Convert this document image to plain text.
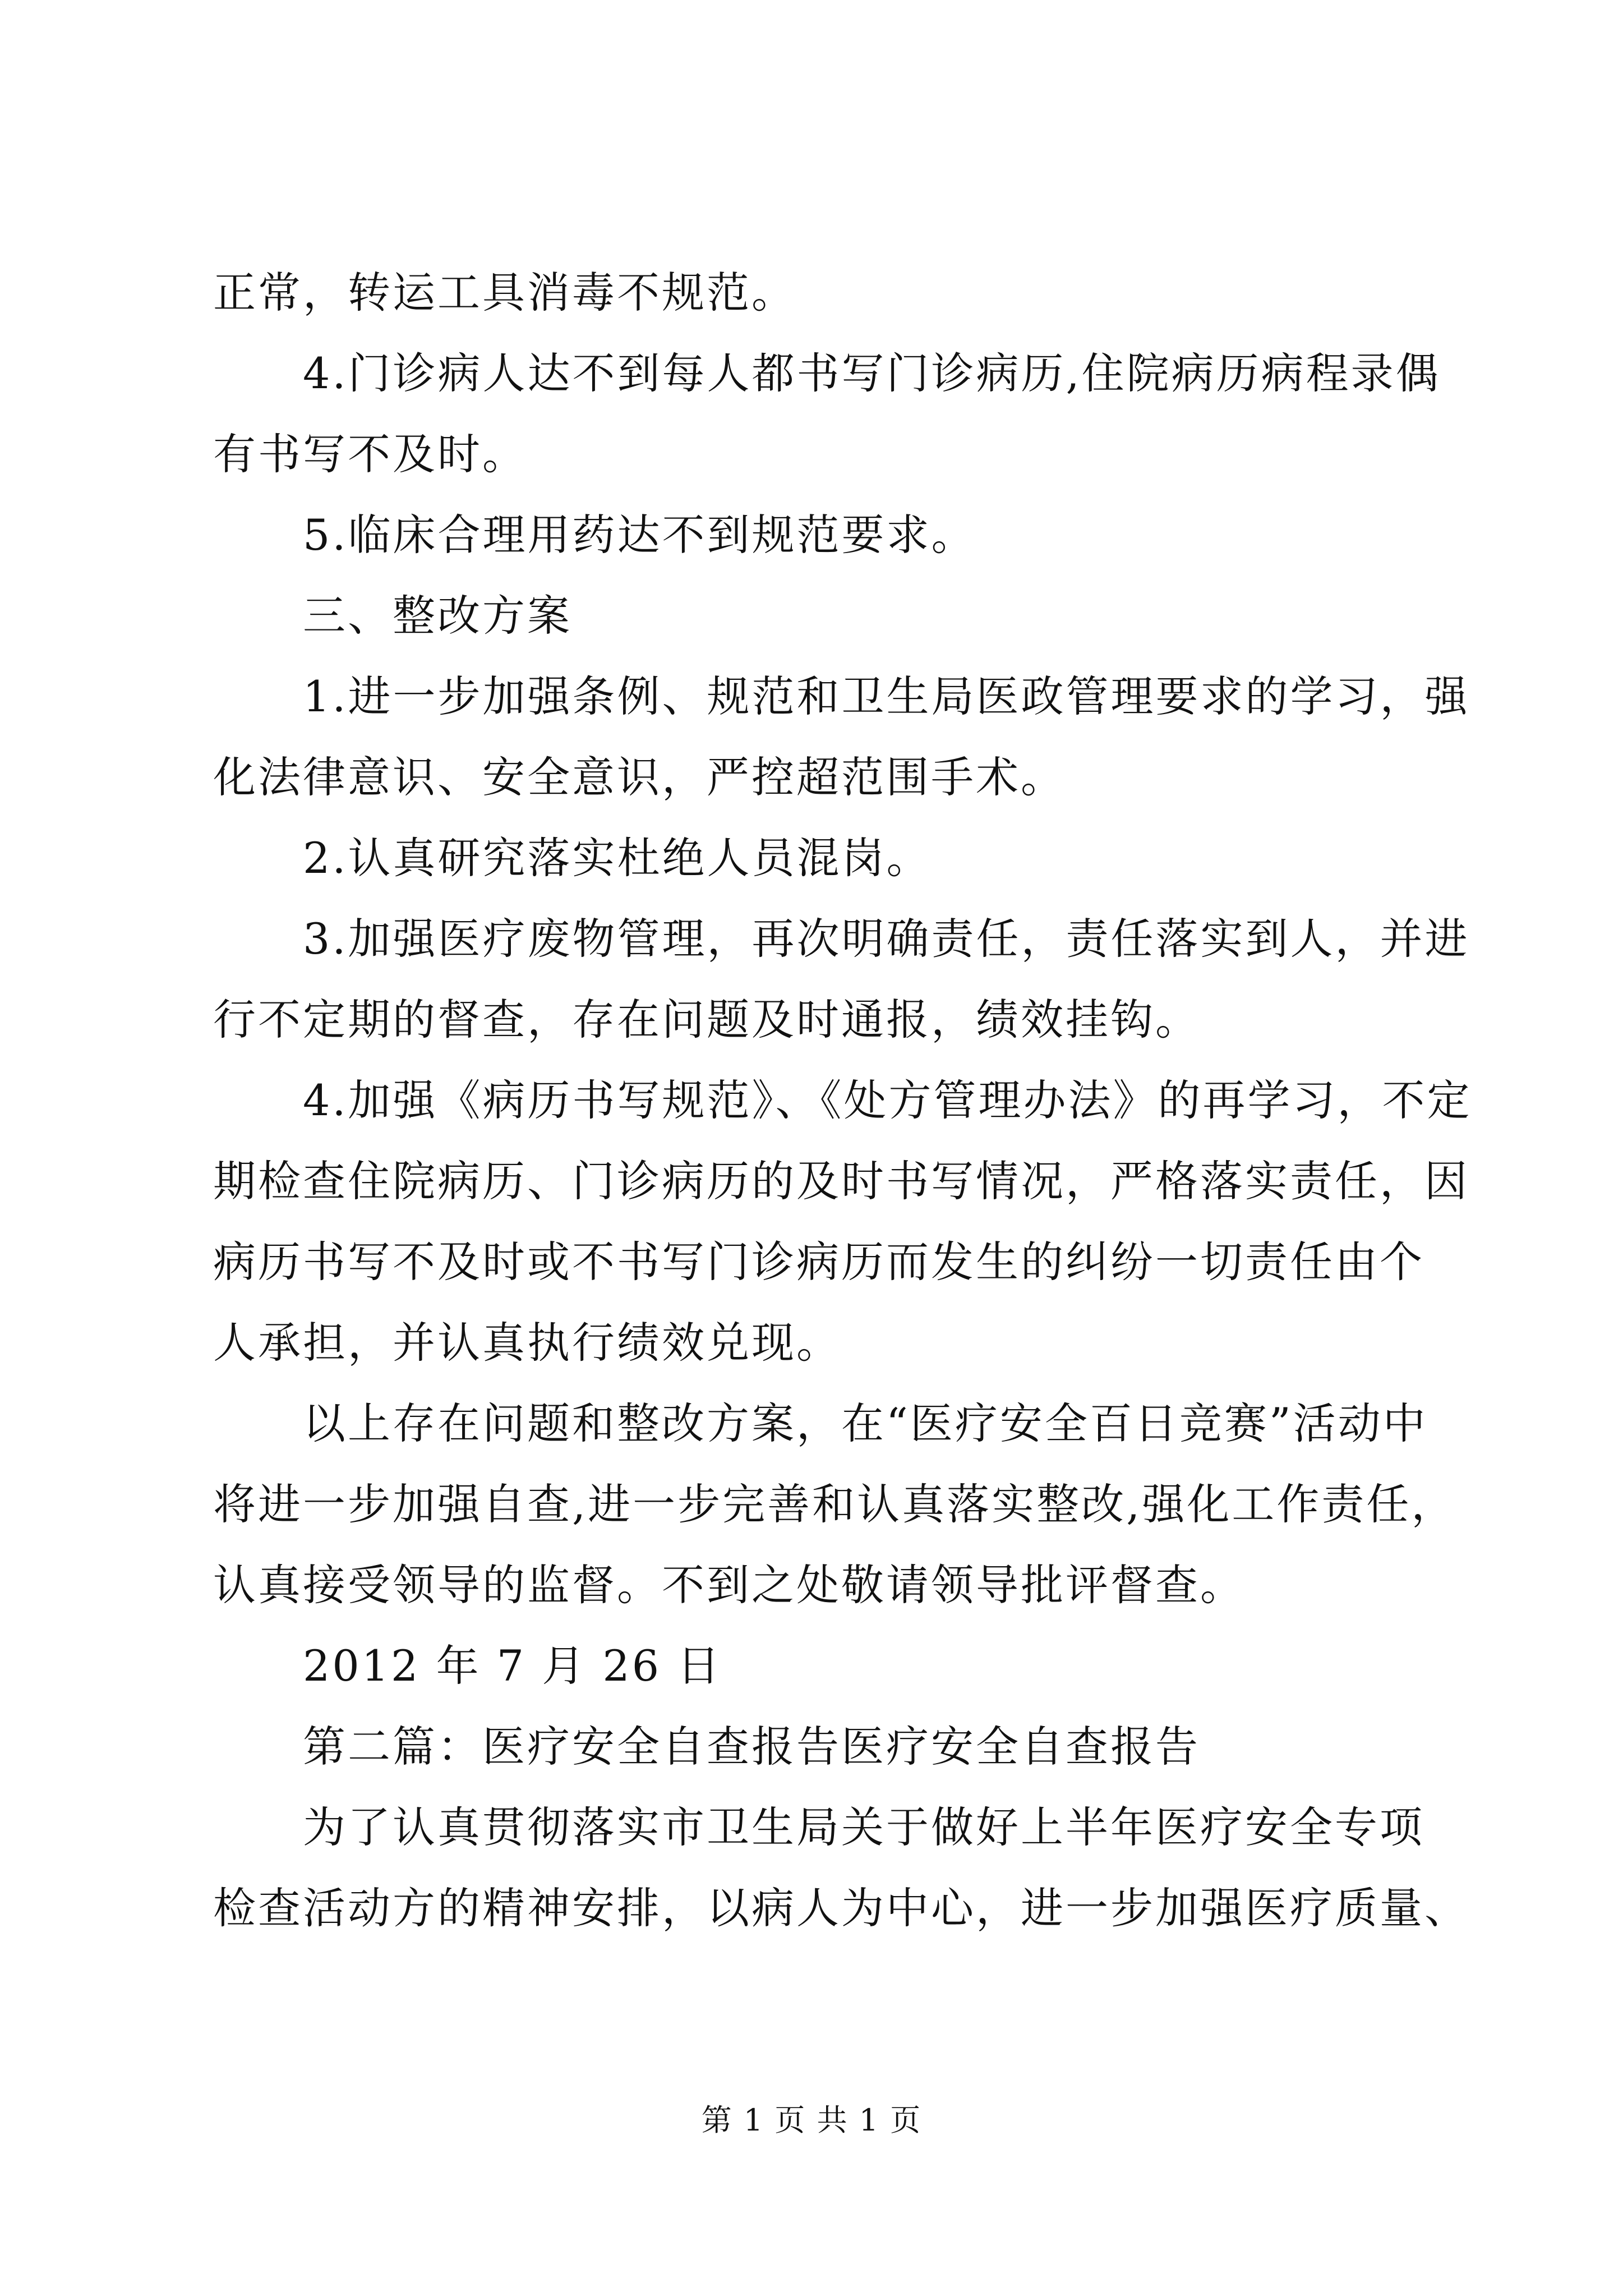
正常，转运工具消毒不规范。
4.门诊病人达不到每人都书写门诊病历,住院病历病程录偶
有书写不及时。
5.临床合理用药达不到规范要求。
三、整改方案
1.进一步加强条例、规范和卫生局医政管理要求的学习，强
化法律意识、安全意识，严控超范围手术。
2.认真研究落实杜绝人员混岗。
3.加强医疗废物管理，再次明确责任，责任落实到人，并进
行不定期的督查，存在问题及时通报，绩效挂钩。
4.加强《病历书写规范》、《处方管理办法》的再学习，不定
期检查住院病历、门诊病历的及时书写情况，严格落实责任，因
病历书写不及时或不书写门诊病历而发生的纠纷一切责任由个
人承担，并认真执行绩效兑现。
以上存在问题和整改方案，在“医疗安全百日竞赛”活动中
将进一步加强自查,进一步完善和认真落实整改,强化工作责任，
认真接受领导的监督。不到之处敬请领导批评督查。
2012 年 7 月 26 日
第二篇：医疗安全自查报告医疗安全自查报告
为了认真贯彻落实市卫生局关于做好上半年医疗安全专项
检查活动方的精神安排，以病人为中心，进一步加强医疗质量、
第 1 页 共 1 页
